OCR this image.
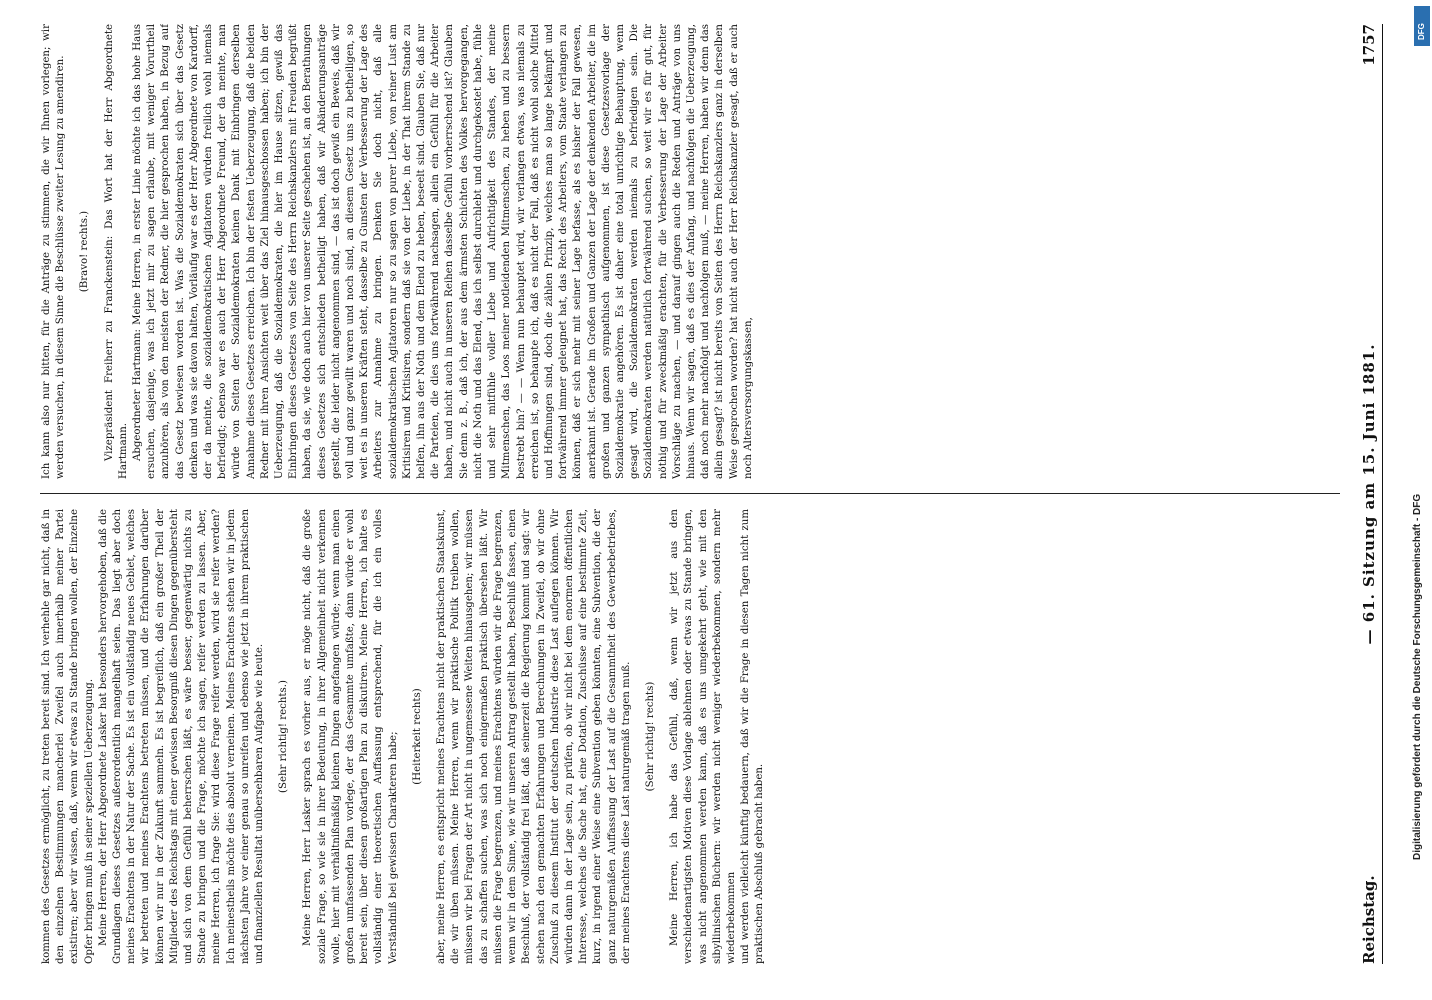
Reichstag.
— 61. Sitzung am 15. Juni 1881.
1757

kommen des Gesetzes ermöglicht, zu treten bereit sind. Ich verhehle gar nicht, daß in den einzelnen Bestimmungen mancherlei Zweifel auch innerhalb meiner Partei existiren; aber wir wissen, daß, wenn wir etwas zu Stande bringen wollen, der Einzelne Opfer bringen muß in seiner speziellen Ueberzeugung. Meine Herren, der Herr Abgeordnete Lasker hat besonders hervorgehoben, daß die Grundlagen dieses Gesetzes außerordentlich mangelhaft seien. Das liegt aber doch meines Erachtens in der Natur der Sache. Es ist ein vollständig neues Gebiet, welches wir betreten und meines Erachtens betreten müssen, und die Erfahrungen darüber können wir nur in der Zukunft sammeln. Es ist begreiflich, daß ein großer Theil der Mitglieder des Reichstags mit einer gewissen Besorgniß diesen Dingen gegenübersteht und sich von dem Gefühl beherrschen läßt, es wäre besser, gegenwärtig nichts zu Stande zu bringen und die Frage, möchte ich sagen, reifer werden zu lassen. Aber, meine Herren, ich frage Sie: wird diese Frage reifer werden, wird sie reifer werden? Ich meinestheils möchte dies absolut verneinen. Meines Erachtens stehen wir in jedem nächsten Jahre vor einer genau so unreifen und ebenso wie jetzt in ihrem praktischen und finanziellen Resultat unübersehbaren Aufgabe wie heute. (Sehr richtig! rechts.) Meine Herren, Herr Lasker sprach es vorher aus, er möge nicht, daß die große soziale Frage, so wie sie in ihrer Bedeutung, in ihrer Allgemeinheit nicht verkennen wolle, hier mit verhältnißmäßig kleinen Dingen angefangen würde; wenn man einen großen umfassenden Plan vorlege, der das Gesammte umfaßte, dann würde er wohl bereit sein, über diesen großartigen Plan zu diskutiren. Meine Herren, ich halte es vollständig einer theoretischen Auffassung entsprechend, für die ich ein volles Verständniß bei gewissen Charakteren habe; (Heiterkeit rechts) aber, meine Herren, es entspricht meines Erachtens nicht der praktischen Staatskunst, die wir üben müssen. Meine Herren, wenn wir praktische Politik treiben wollen, müssen wir bei Fragen der Art nicht in ungemessene Weiten hinausgehen; wir müssen das zu schaffen suchen, was sich noch einigermaßen praktisch übersehen läßt. Wir müssen die Frage begrenzen, und meines Erachtens würden wir die Frage begrenzen, wenn wir in dem Sinne, wie wir unseren Antrag gestellt haben, Beschluß fassen, einen Beschluß, der vollständig frei läßt, daß seinerzeit die Regierung kommt und sagt: wir stehen nach den gemachten Erfahrungen und Berechnungen in Zweifel, ob wir ohne Zuschuß zu diesem Institut der deutschen Industrie diese Last auflegen können. Wir würden dann in der Lage sein, zu prüfen, ob wir nicht bei dem enormen öffentlichen Interesse, welches die Sache hat, eine Dotation, Zuschüsse auf eine bestimmte Zeit, kurz, in irgend einer Weise eine Subvention geben könnten, eine Subvention, die der ganz naturgemäßen Auffassung der Last auf die Gesammtheit des Gewerbebetriebes, der meines Erachtens diese Last naturgemäß tragen muß. (Sehr richtig! rechts) Meine Herren, ich habe das Gefühl, daß, wenn wir jetzt aus den verschiedenartigsten Motiven diese Vorlage ablehnen oder etwas zu Stande bringen, was nicht angenommen werden kann, daß es uns umgekehrt geht, wie mit den sibyllinischen Büchern: wir werden nicht weniger wiederbekommen, sondern mehr wiederbekommen und werden vielleicht künftig bedauern, daß wir die Frage in diesen Tagen nicht zum praktischen Abschluß gebracht haben.

Ich kann also nur bitten, für die Anträge zu stimmen, die wir Ihnen vorlegen; wir werden versuchen, in diesem Sinne die Beschlüsse zweiter Lesung zu amendiren. (Bravo! rechts.) Vizepräsident Freiherr zu Franckenstein: Das Wort hat der Herr Abgeordnete Hartmann. Abgeordneter Hartmann: Meine Herren, in erster Linie möchte ich das hohe Haus ersuchen, dasjenige, was ich jetzt mir zu sagen erlaube, mit weniger Vorurtheil anzuhören, als von den meisten der Redner, die hier gesprochen haben, in Bezug auf das Gesetz bewiesen worden ist. Was die Sozialdemokraten sich über das Gesetz denken und was sie davon halten, Vorläufig war es der Herr Abgeordnete von Kardorff, der da meinte, die sozialdemokratischen Agitatoren würden freilich wohl niemals befriedigt; ebenso war es auch der Herr Abgeordnete Freund, der da meinte, man würde von Seiten der Sozialdemokraten keinen Dank mit Einbringen derselben Annahme dieses Gesetzes erreichen. Ich bin der festen Ueberzeugung, daß die beiden Redner mit ihren Ansichten weit über das Ziel hinausgeschossen haben; ich bin der Ueberzeugung, daß die Sozialdemokraten, die hier im Hause sitzen, gewiß das Einbringen dieses Gesetzes von Seite des Herrn Reichskanzlers mit Freuden begrüßt haben, da sie, wie doch auch hier von unserer Seite geschehen ist, an den Berathungen dieses Gesetzes sich entschieden betheiligt haben, daß wir Abänderungsanträge gestellt, die leider nicht angenommen sind, — das ist doch gewiß ein Beweis, daß wir voll und ganz gewillt waren und noch sind, an diesem Gesetz uns zu betheiligen, so weit es in unseren Kräften steht, dasselbe zu Gunsten der Verbesserung der Lage des Arbeiters zur Annahme zu bringen. Denken Sie doch nicht, daß alle sozialdemokratischen Agitatoren nur so zu sagen von purer Liebe, von reiner Lust am Kritisiren und Kritisiren, sondern daß sie von der Liebe, in der That ihrem Stande zu helfen, ihn aus der Noth und dem Elend zu heben, beseelt sind. Glauben Sie, daß nur die Parteien, die dies uns fortwährend nachsagen, allein ein Gefühl für die Arbeiter haben, und nicht auch in unseren Reihen dasselbe Gefühl vorherrschend ist? Glauben Sie denn z. B., daß ich, der aus dem ärmsten Schichten des Volkes hervorgegangen, nicht die Noth und das Elend, das ich selbst durchlebt und durchgekostet habe, fühle und sehr mitfühle voller Liebe und Aufrichtigkeit des Standes, der meine Mitmenschen, das Loos meiner notleidenden Mitmenschen, zu heben und zu bessern bestrebt bin? — — Wenn nun behauptet wird, wir verlangen etwas, was niemals zu erreichen ist, so behaupte ich, daß es nicht der Fall, daß es nicht wohl solche Mittel und Hoffnungen sind, doch die zählen Prinzip, welches man so lange bekämpft und fortwährend immer geleugnet hat, das Recht des Arbeiters, vom Staate verlangen zu können, daß er sich mehr mit seiner Lage befasse, als es bisher der Fall gewesen, anerkannt ist. Gerade im Großen und Ganzen der Lage der denkenden Arbeiter, die im großen und ganzen sympathisch aufgenommen, ist diese Gesetzesvorlage der Sozialdemokratie angehören. Es ist daher eine total unrichtige Behauptung, wenn gesagt wird, die Sozialdemokraten werden niemals zu befriedigen sein. Die Sozialdemokraten werden natürlich fortwährend suchen, so weit wir es für gut, für nöthig und für zweckmäßig erachten, für die Verbesserung der Lage der Arbeiter Vorschläge zu machen, — und darauf gingen auch die Reden und Anträge von uns hinaus. Wenn wir sagen, daß es dies der Anfang, und nachfolgen die Ueberzeugung, daß noch mehr nachfolgt und nachfolgen muß, — meine Herren, haben wir denn das allein gesagt? ist nicht bereits von Seiten des Herrn Reichskanzlers ganz in derselben Weise gesprochen worden? hat nicht auch der Herr Reichskanzler gesagt, daß er auch noch Altersversorgungskassen,

Digitalisierung gefördert durch die Deutsche Forschungsgemeinschaft - DFG
DFG
